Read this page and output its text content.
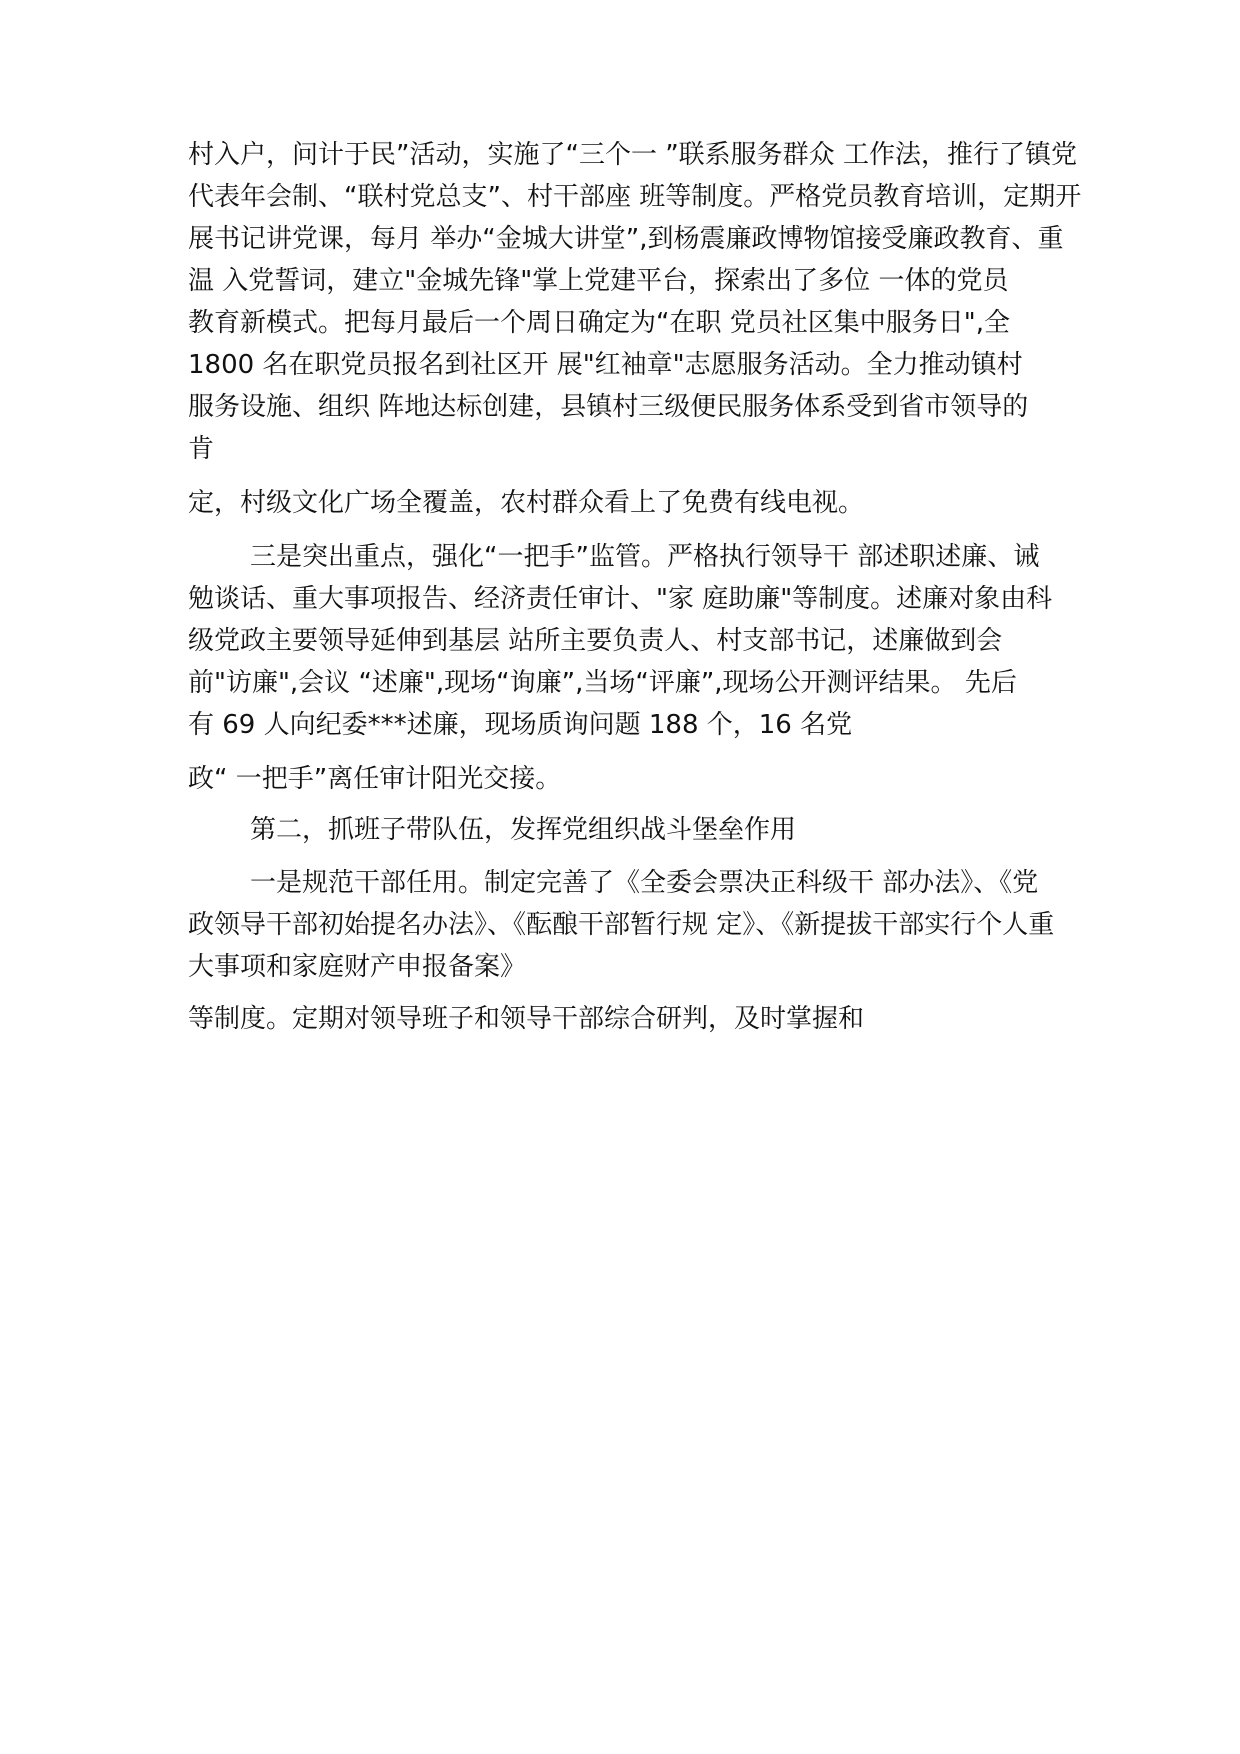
村入户，问计于民”活动，实施了“三个一 ”联系服务群众 工作法，推行了镇党
代表年会制、“联村党总支”、村干部座 班等制度。严格党员教育培训，定期开
展书记讲党课，每月 举办“金城大讲堂”,到杨震廉政博物馆接受廉政教育、重
温 入党誓词，建立"金城先锋"掌上党建平台，探索出了多位 一体的党员
教育新模式。把每月最后一个周日确定为“在职 党员社区集中服务日",全
1800 名在职党员报名到社区开 展"红袖章"志愿服务活动。全力推动镇村
服务设施、组织 阵地达标创建，县镇村三级便民服务体系受到省市领导的
肯
定，村级文化广场全覆盖，农村群众看上了免费有线电视。
三是突出重点，强化“一把手”监管。严格执行领导干 部述职述廉、诫
勉谈话、重大事项报告、经济责任审计、"家 庭助廉"等制度。述廉对象由科
级党政主要领导延伸到基层 站所主要负责人、村支部书记，述廉做到会
前"访廉",会议 “述廉",现场“询廉”,当场“评廉”,现场公开测评结果。 先后
有 69 人向纪委***述廉，现场质询问题 188 个，16 名党
政“ 一把手”离任审计阳光交接。
第二，抓班子带队伍，发挥党组织战斗堡垒作用
一是规范干部任用。制定完善了《全委会票决正科级干 部办法》、《党
政领导干部初始提名办法》、《酝酿干部暂行规 定》、《新提拔干部实行个人重
大事项和家庭财产申报备案》
等制度。定期对领导班子和领导干部综合研判，及时掌握和
